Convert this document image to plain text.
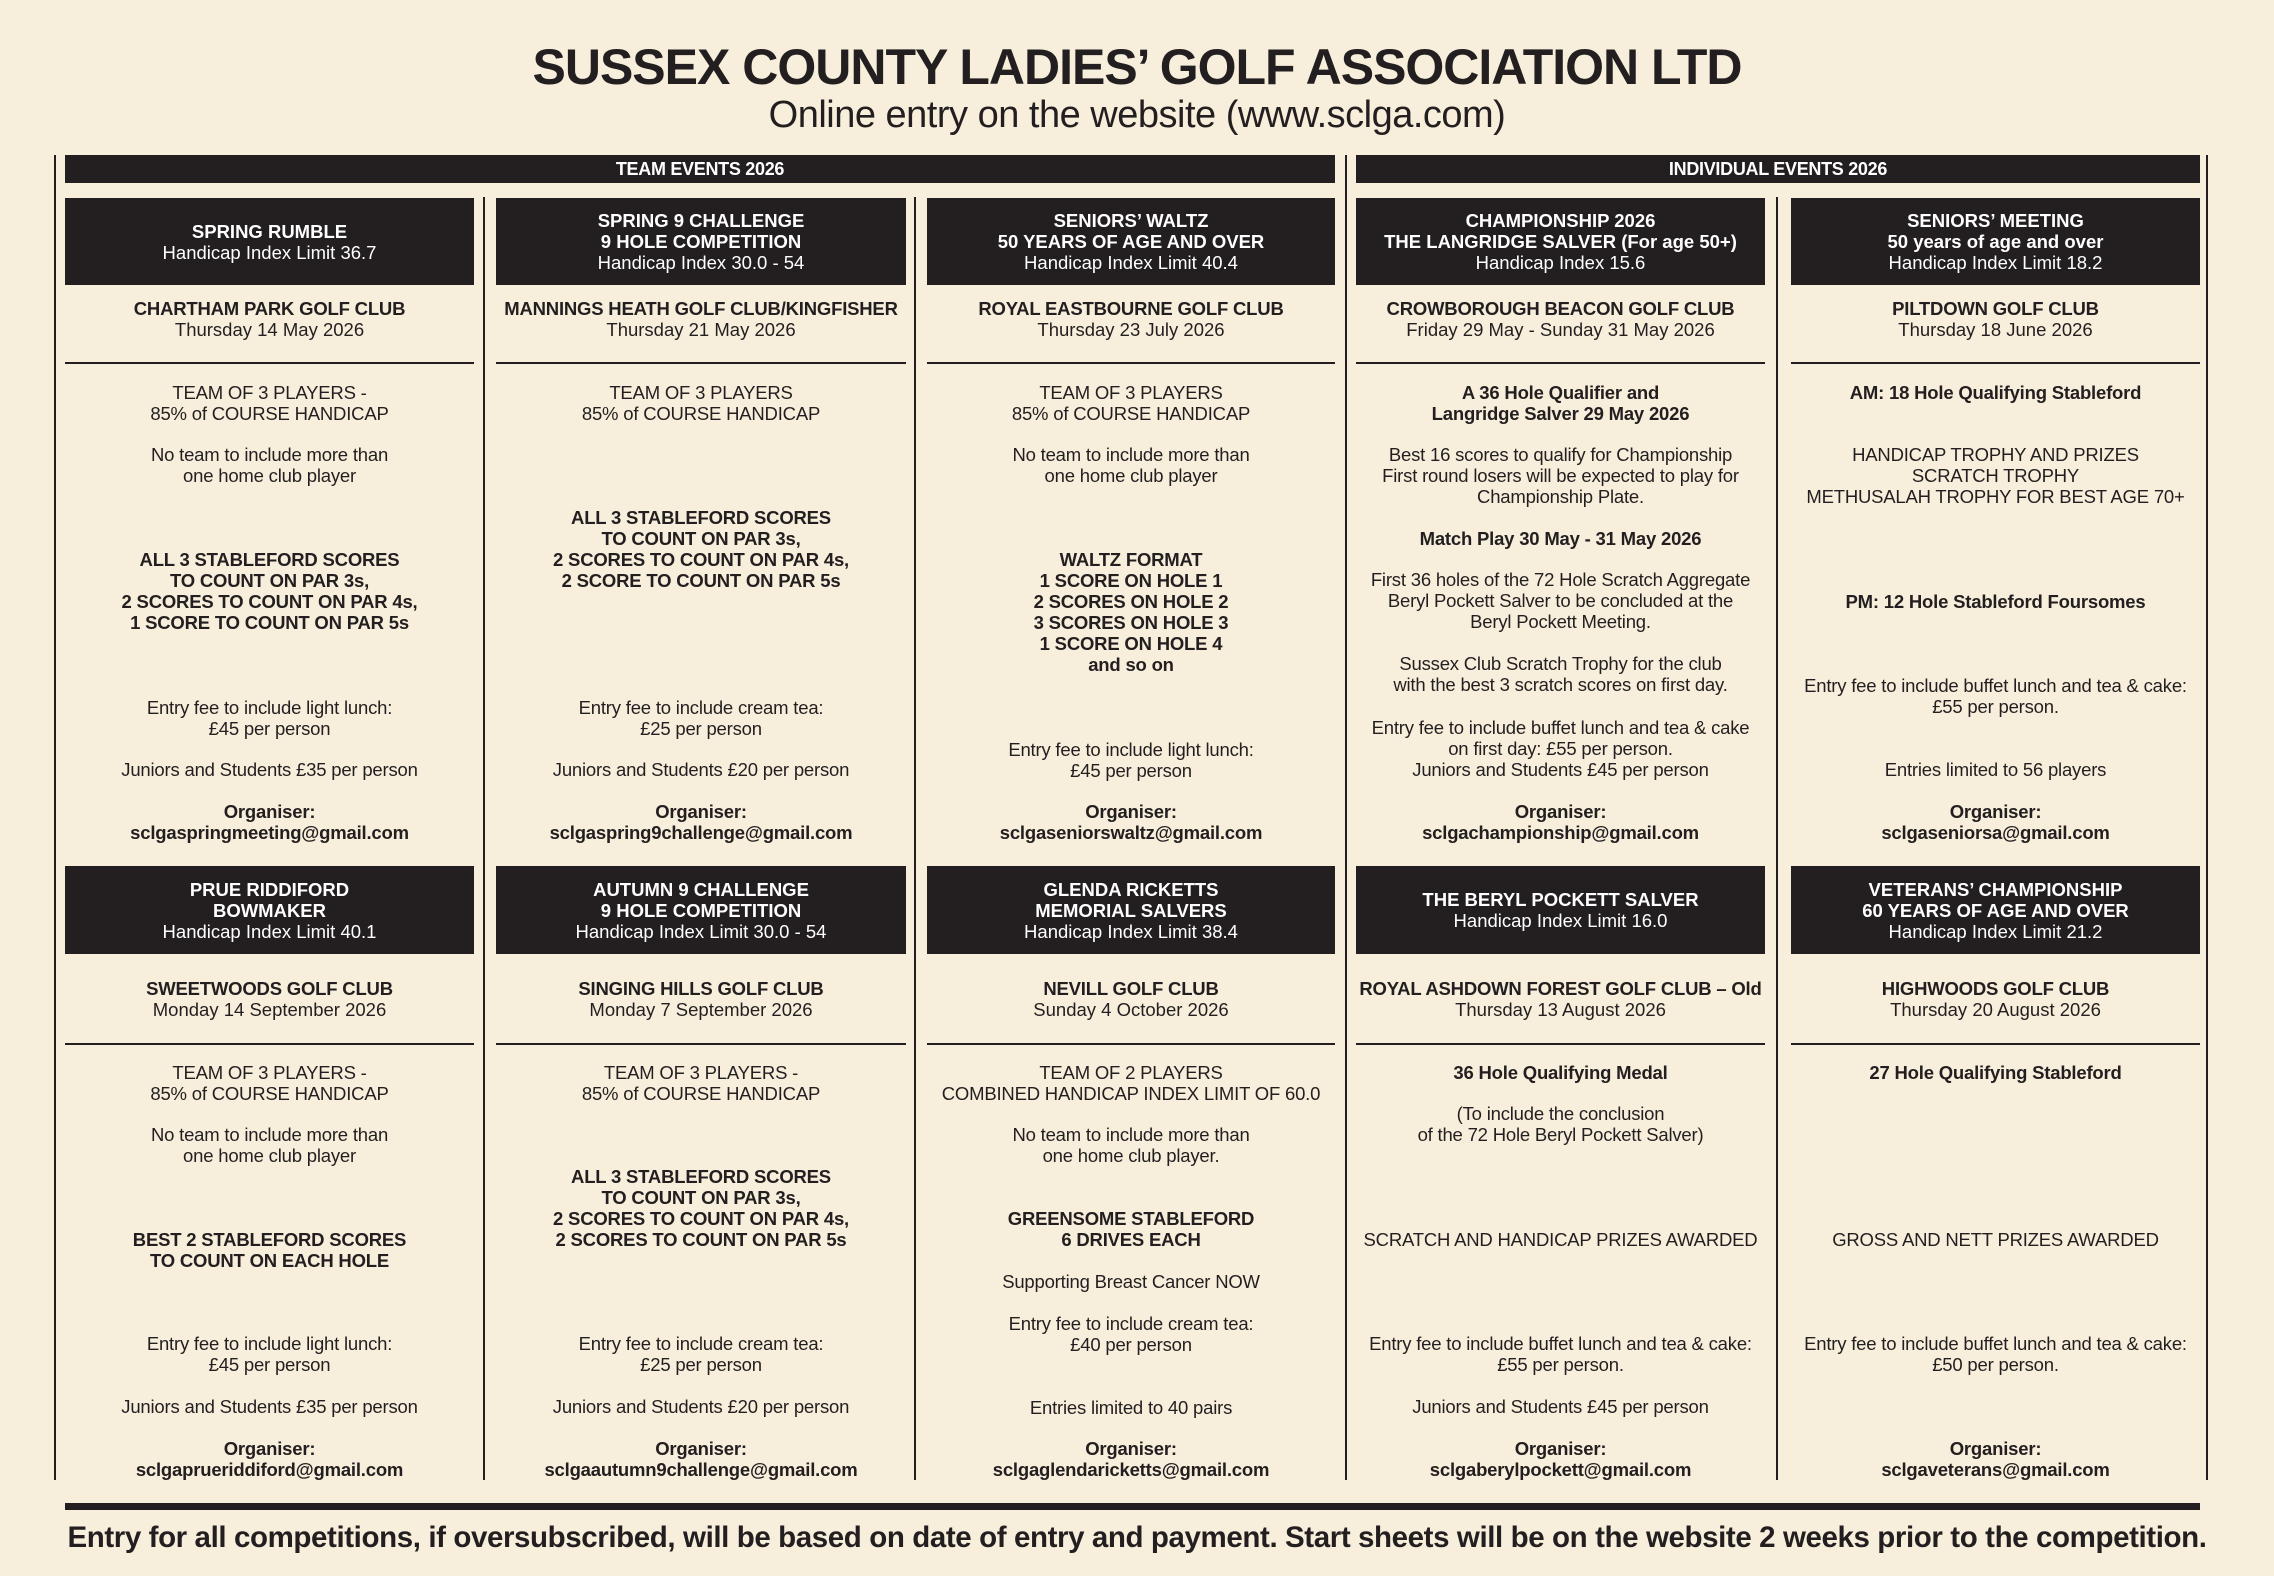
SUSSEX COUNTY LADIES’ GOLF ASSOCIATION LTD
Online entry on the website (www.sclga.com)
TEAM EVENTS 2026	INDIVIDUAL EVENTS 2026
SPRING RUMBLE
Handicap Index Limit 36.7
CHARTHAM PARK GOLF CLUB
Thursday 14 May 2026
TEAM OF 3 PLAYERS -
85% of COURSE HANDICAP
No team to include more than
one home club player
ALL 3 STABLEFORD SCORES
TO COUNT ON PAR 3s,
2 SCORES TO COUNT ON PAR 4s,
1 SCORE TO COUNT ON PAR 5s
Entry fee to include light lunch:
£45 per person
Juniors and Students £35 per person
Organiser:
sclgaspringmeeting@gmail.com
SPRING 9 CHALLENGE
9 HOLE COMPETITION
Handicap Index 30.0 - 54
MANNINGS HEATH GOLF CLUB/KINGFISHER
Thursday 21 May 2026
TEAM OF 3 PLAYERS
85% of COURSE HANDICAP
ALL 3 STABLEFORD SCORES
TO COUNT ON PAR 3s,
2 SCORES TO COUNT ON PAR 4s,
2 SCORE TO COUNT ON PAR 5s
Entry fee to include cream tea:
£25 per person
Juniors and Students £20 per person
Organiser:
sclgaspring9challenge@gmail.com
SENIORS’ WALTZ
50 YEARS OF AGE AND OVER
Handicap Index Limit 40.4
ROYAL EASTBOURNE GOLF CLUB
Thursday 23 July 2026
TEAM OF 3 PLAYERS
85% of COURSE HANDICAP
No team to include more than
one home club player
WALTZ FORMAT
1 SCORE ON HOLE 1
2 SCORES ON HOLE 2
3 SCORES ON HOLE 3
1 SCORE ON HOLE 4
and so on
Entry fee to include light lunch:
£45 per person
Organiser:
sclgaseniorswaltz@gmail.com
CHAMPIONSHIP 2026
THE LANGRIDGE SALVER (For age 50+)
Handicap Index 15.6
CROWBOROUGH BEACON GOLF CLUB
Friday 29 May - Sunday 31 May 2026
A 36 Hole Qualifier and
Langridge Salver 29 May 2026
Best 16 scores to qualify for Championship
First round losers will be expected to play for
Championship Plate.
Match Play 30 May - 31 May 2026
First 36 holes of the 72 Hole Scratch Aggregate
Beryl Pockett Salver to be concluded at the
Beryl Pockett Meeting.
Sussex Club Scratch Trophy for the club
with the best 3 scratch scores on first day.
Entry fee to include buffet lunch and tea & cake
on first day: £55 per person.
Juniors and Students £45 per person
Organiser:
sclgachampionship@gmail.com
SENIORS’ MEETING
50 years of age and over
Handicap Index Limit 18.2
PILTDOWN GOLF CLUB
Thursday 18 June 2026
AM: 18 Hole Qualifying Stableford
HANDICAP TROPHY AND PRIZES
SCRATCH TROPHY
METHUSALAH TROPHY FOR BEST AGE 70+
PM: 12 Hole Stableford Foursomes
Entry fee to include buffet lunch and tea & cake:
£55 per person.
Entries limited to 56 players
Organiser:
sclgaseniorsa@gmail.com
PRUE RIDDIFORD
BOWMAKER
Handicap Index Limit 40.1
SWEETWOODS GOLF CLUB
Monday 14 September 2026
TEAM OF 3 PLAYERS -
85% of COURSE HANDICAP
No team to include more than
one home club player
BEST 2 STABLEFORD SCORES
TO COUNT ON EACH HOLE
Entry fee to include light lunch:
£45 per person
Juniors and Students £35 per person
Organiser:
sclgaprueriddiford@gmail.com
AUTUMN 9 CHALLENGE
9 HOLE COMPETITION
Handicap Index Limit 30.0 - 54
SINGING HILLS GOLF CLUB
Monday 7 September 2026
TEAM OF 3 PLAYERS -
85% of COURSE HANDICAP
ALL 3 STABLEFORD SCORES
TO COUNT ON PAR 3s,
2 SCORES TO COUNT ON PAR 4s,
2 SCORES TO COUNT ON PAR 5s
Entry fee to include cream tea:
£25 per person
Juniors and Students £20 per person
Organiser:
sclgaautumn9challenge@gmail.com
GLENDA RICKETTS
MEMORIAL SALVERS
Handicap Index Limit 38.4
NEVILL GOLF CLUB
Sunday 4 October 2026
TEAM OF 2 PLAYERS
COMBINED HANDICAP INDEX LIMIT OF 60.0
No team to include more than
one home club player.
GREENSOME STABLEFORD
6 DRIVES EACH
Supporting Breast Cancer NOW
Entry fee to include cream tea:
£40 per person
Entries limited to 40 pairs
Organiser:
sclgaglendaricketts@gmail.com
THE BERYL POCKETT SALVER
Handicap Index Limit 16.0
ROYAL ASHDOWN FOREST GOLF CLUB – Old
Thursday 13 August 2026
36 Hole Qualifying Medal
(To include the conclusion
of the 72 Hole Beryl Pockett Salver)
SCRATCH AND HANDICAP PRIZES AWARDED
Entry fee to include buffet lunch and tea & cake:
£55 per person.
Juniors and Students £45 per person
Organiser:
sclgaberylpockett@gmail.com
VETERANS’ CHAMPIONSHIP
60 YEARS OF AGE AND OVER
Handicap Index Limit 21.2
HIGHWOODS GOLF CLUB
Thursday 20 August 2026
27 Hole Qualifying Stableford
GROSS AND NETT PRIZES AWARDED
Entry fee to include buffet lunch and tea & cake:
£50 per person.
Organiser:
sclgaveterans@gmail.com
Entry for all competitions, if oversubscribed, will be based on date of entry and payment. Start sheets will be on the website 2 weeks prior to the competition.
